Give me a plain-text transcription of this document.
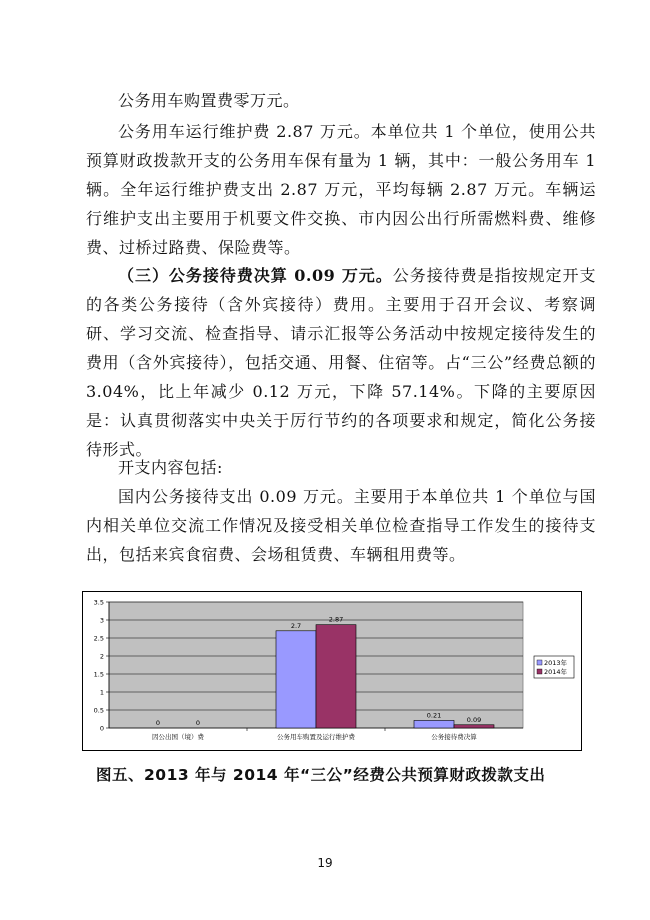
公务用车购置费零万元。

公务用车运行维护费 2.87 万元。本单位共 1 个单位，使用公共预算财政拨款开支的公务用车保有量为 1 辆，其中：一般公务用车 1 辆。全年运行维护费支出 2.87 万元，平均每辆 2.87 万元。车辆运行维护支出主要用于机要文件交换、市内因公出行所需燃料费、维修费、过桥过路费、保险费等。

（三）公务接待费决算 0.09 万元。公务接待费是指按规定开支的各类公务接待（含外宾接待）费用。主要用于召开会议、考察调研、学习交流、检查指导、请示汇报等公务活动中按规定接待发生的费用（含外宾接待），包括交通、用餐、住宿等。占“三公”经费总额的 3.04%，比上年减少 0.12 万元，下降 57.14%。下降的主要原因是：认真贯彻落实中央关于厉行节约的各项要求和规定，简化公务接待形式。

开支内容包括:

国内公务接待支出 0.09 万元。主要用于本单位共 1 个单位与国内相关单位交流工作情况及接受相关单位检查指导工作发生的接待支出，包括来宾食宿费、会场租赁费、车辆租用费等。

0
0.5
1
1.5
2
2.5
3
3.5
因公出国（境）费
0	0
公务用车购置及运行维护费
2.7
2.87
公务接待费决算
0.21
0.09
2013年
2014年
图五、2013 年与 2014 年“三公”经费公共预算财政拨款支出
19
